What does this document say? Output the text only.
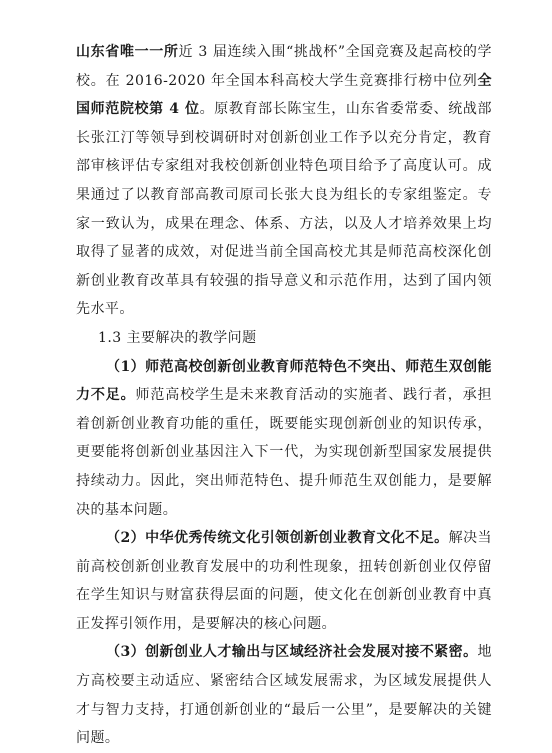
山东省唯一一所近 3 届连续入围“挑战杯”全国竞赛及起高校的学校。在 2016-2020 年全国本科高校大学生竞赛排行榜中位列全国师范院校第 4 位。原教育部长陈宝生，山东省委常委、统战部长张江汀等领导到校调研时对创新创业工作予以充分肯定，教育部审核评估专家组对我校创新创业特色项目给予了高度认可。成果通过了以教育部高教司原司长张大良为组长的专家组鉴定。专家一致认为，成果在理念、体系、方法，以及人才培养效果上均取得了显著的成效，对促进当前全国高校尤其是师范高校深化创新创业教育改革具有较强的指导意义和示范作用，达到了国内领先水平。

1.3 主要解决的教学问题

（1）师范高校创新创业教育师范特色不突出、师范生双创能力不足。师范高校学生是未来教育活动的实施者、践行者，承担着创新创业教育功能的重任，既要能实现创新创业的知识传承，更要能将创新创业基因注入下一代，为实现创新型国家发展提供持续动力。因此，突出师范特色、提升师范生双创能力，是要解决的基本问题。

（2）中华优秀传统文化引领创新创业教育文化不足。解决当前高校创新创业教育发展中的功利性现象，扭转创新创业仅停留在学生知识与财富获得层面的问题，使文化在创新创业教育中真正发挥引领作用，是要解决的核心问题。

（3）创新创业人才输出与区域经济社会发展对接不紧密。地方高校要主动适应、紧密结合区域发展需求，为区域发展提供人才与智力支持，打通创新创业的“最后一公里”，是要解决的关键问题。
